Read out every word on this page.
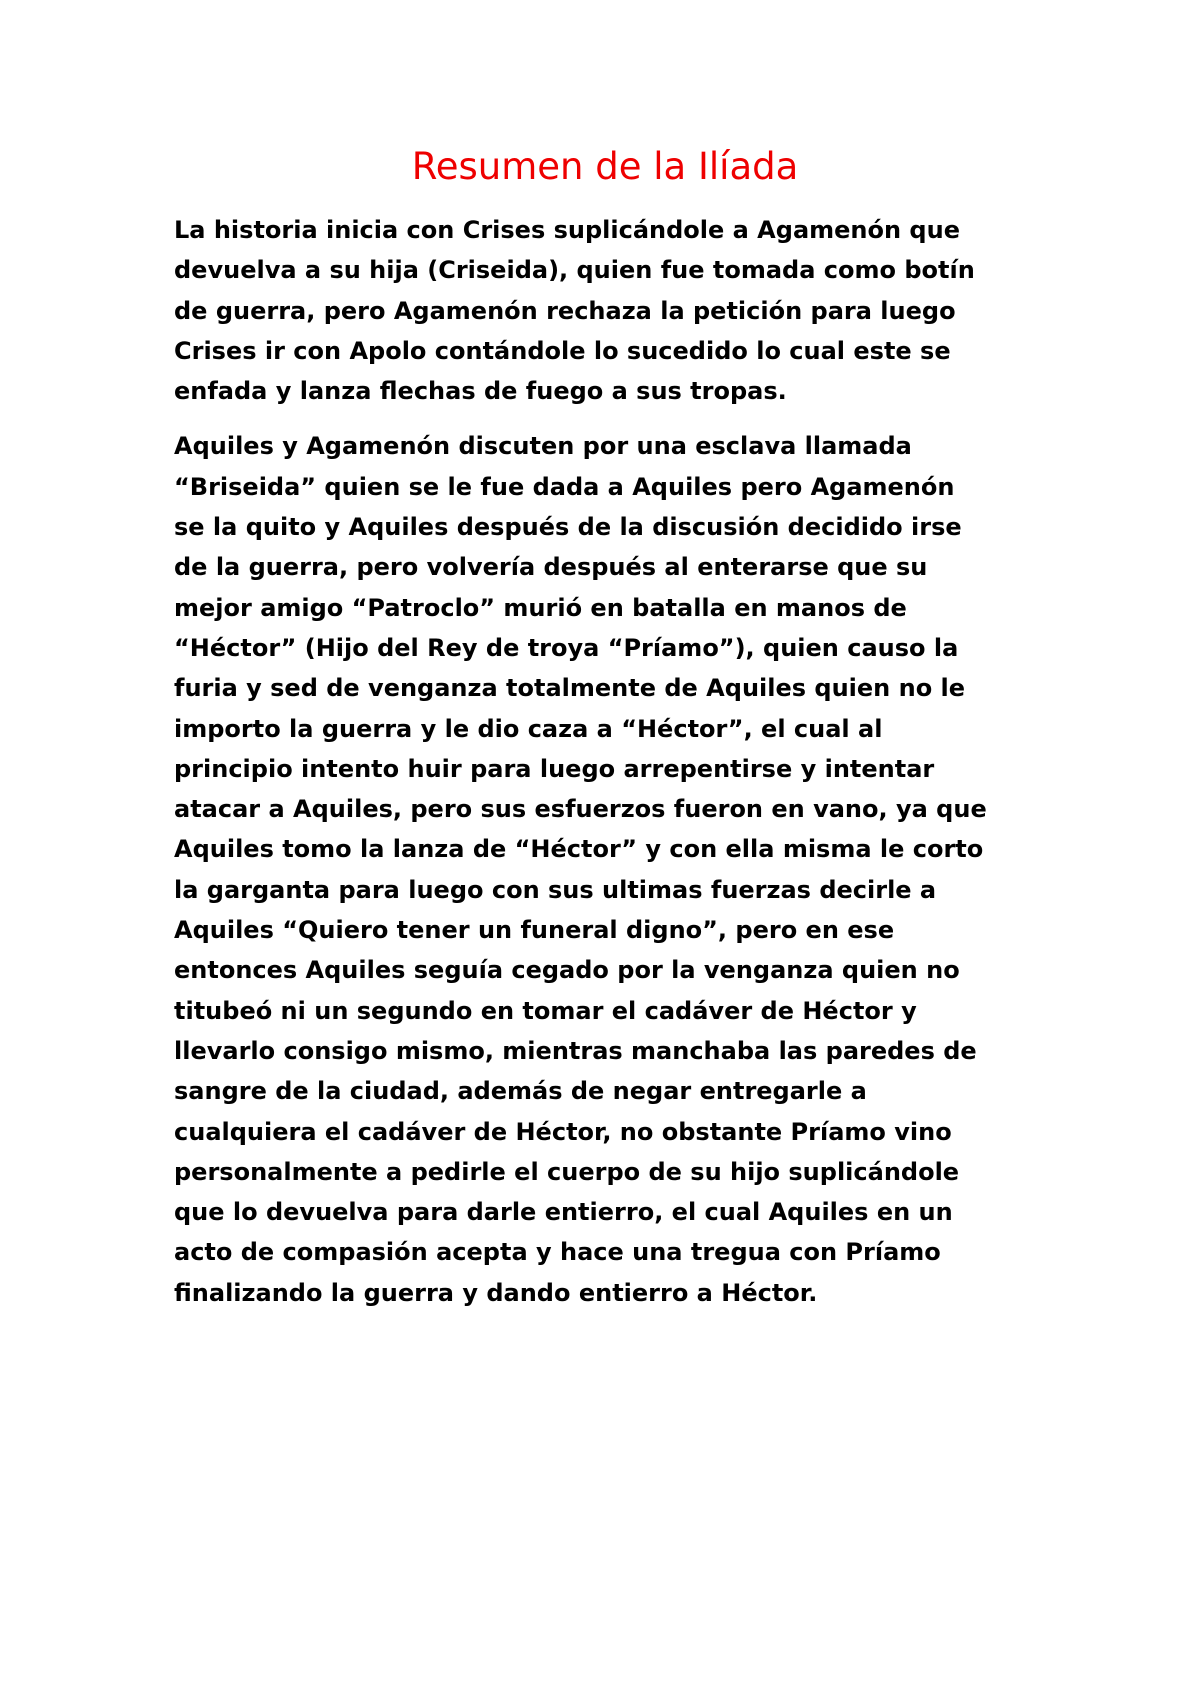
Resumen de la Ilíada

La historia inicia con Crises suplicándole a Agamenón que
devuelva a su hija (Criseida), quien fue tomada como botín
de guerra, pero Agamenón rechaza la petición para luego
Crises ir con Apolo contándole lo sucedido lo cual este se
enfada y lanza flechas de fuego a sus tropas.

Aquiles y Agamenón discuten por una esclava llamada
“Briseida” quien se le fue dada a Aquiles pero Agamenón
se la quito y Aquiles después de la discusión decidido irse
de la guerra, pero volvería después al enterarse que su
mejor amigo “Patroclo” murió en batalla en manos de
“Héctor” (Hijo del Rey de troya “Príamo”), quien causo la
furia y sed de venganza totalmente de Aquiles quien no le
importo la guerra y le dio caza a “Héctor”, el cual al
principio intento huir para luego arrepentirse y intentar
atacar a Aquiles, pero sus esfuerzos fueron en vano, ya que
Aquiles tomo la lanza de “Héctor” y con ella misma le corto
la garganta para luego con sus ultimas fuerzas decirle a
Aquiles “Quiero tener un funeral digno”, pero en ese
entonces Aquiles seguía cegado por la venganza quien no
titubeó ni un segundo en tomar el cadáver de Héctor y
llevarlo consigo mismo, mientras manchaba las paredes de
sangre de la ciudad, además de negar entregarle a
cualquiera el cadáver de Héctor, no obstante Príamo vino
personalmente a pedirle el cuerpo de su hijo suplicándole
que lo devuelva para darle entierro, el cual Aquiles en un
acto de compasión acepta y hace una tregua con Príamo
finalizando la guerra y dando entierro a Héctor.
